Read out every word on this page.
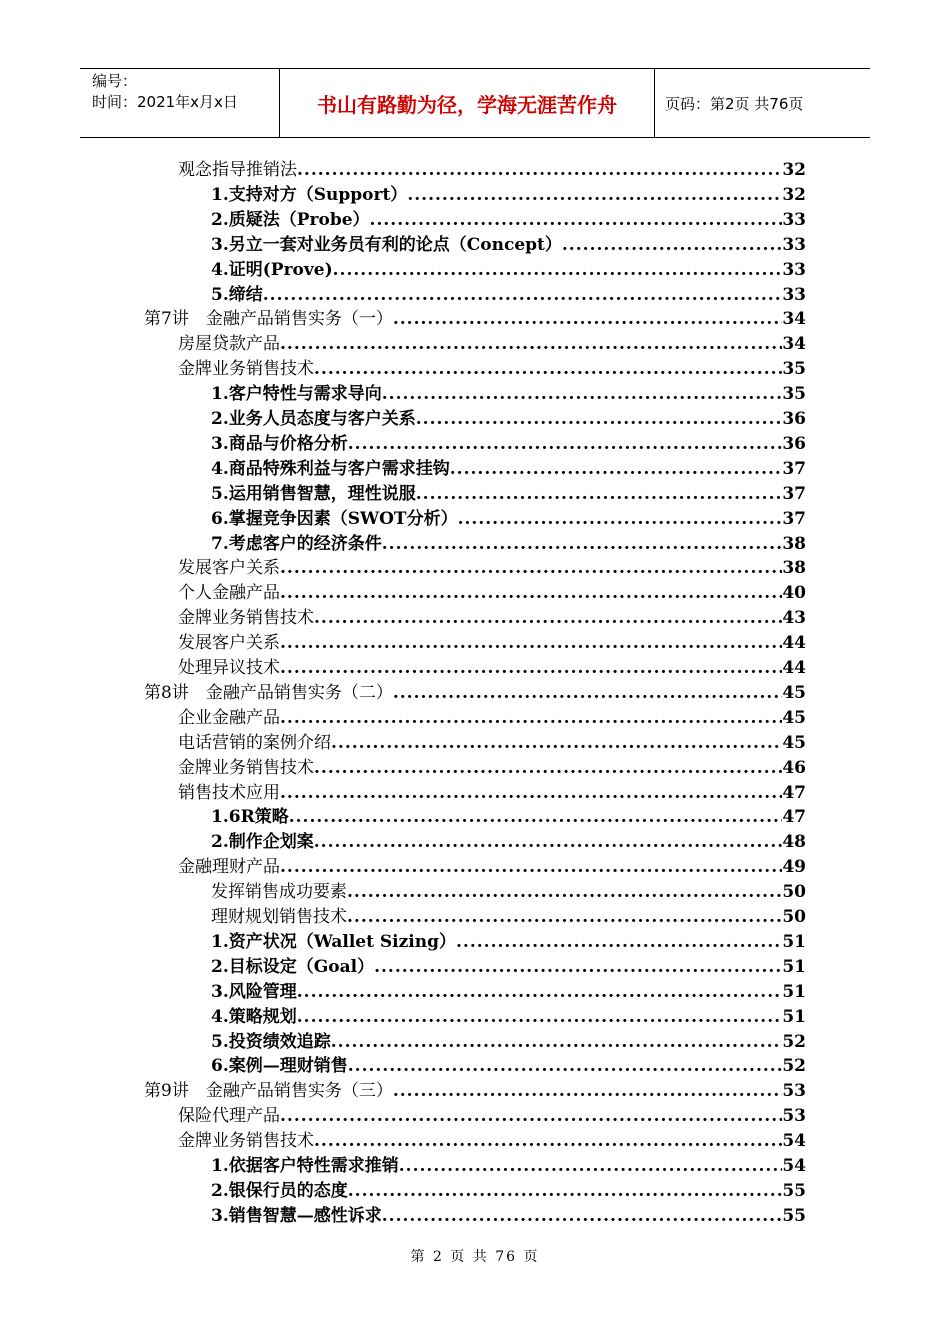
编号：
时间：2021年x月x日	书山有路勤为径，学海无涯苦作舟	页码：第2页 共76页
观念指导推销法 .....	32
1.支持对方（Support） .....	32
2.质疑法（Probe） .....	33
3.另立一套对业务员有利的论点（Concept） .....	33
4.证明(Prove) .....	33
5.缔结 .....	33
第7讲　金融产品销售实务（一） .....	34
房屋贷款产品 .....	34
金牌业务销售技术 .....	35
1.客户特性与需求导向 .....	35
2.业务人员态度与客户关系 .....	36
3.商品与价格分析 .....	36
4.商品特殊利益与客户需求挂钩 .....	37
5.运用销售智慧，理性说服 .....	37
6.掌握竞争因素（SWOT分析） .....	37
7.考虑客户的经济条件 .....	38
发展客户关系 .....	38
个人金融产品 .....	40
金牌业务销售技术 .....	43
发展客户关系 .....	44
处理异议技术 .....	44
第8讲　金融产品销售实务（二） .....	45
企业金融产品 .....	45
电话营销的案例介绍 .....	45
金牌业务销售技术 .....	46
销售技术应用 .....	47
1.6R策略 .....	47
2.制作企划案 .....	48
金融理财产品 .....	49
发挥销售成功要素 .....	50
理财规划销售技术 .....	50
1.资产状况（Wallet Sizing） .....	51
2.目标设定（Goal） .....	51
3.风险管理 .....	51
4.策略规划 .....	51
5.投资绩效追踪 .....	52
6.案例—理财销售 .....	52
第9讲　金融产品销售实务（三） .....	53
保险代理产品 .....	53
金牌业务销售技术 .....	54
1.依据客户特性需求推销 .....	54
2.银保行员的态度 .....	55
3.销售智慧—感性诉求 .....	55
第 2 页 共 76 页
